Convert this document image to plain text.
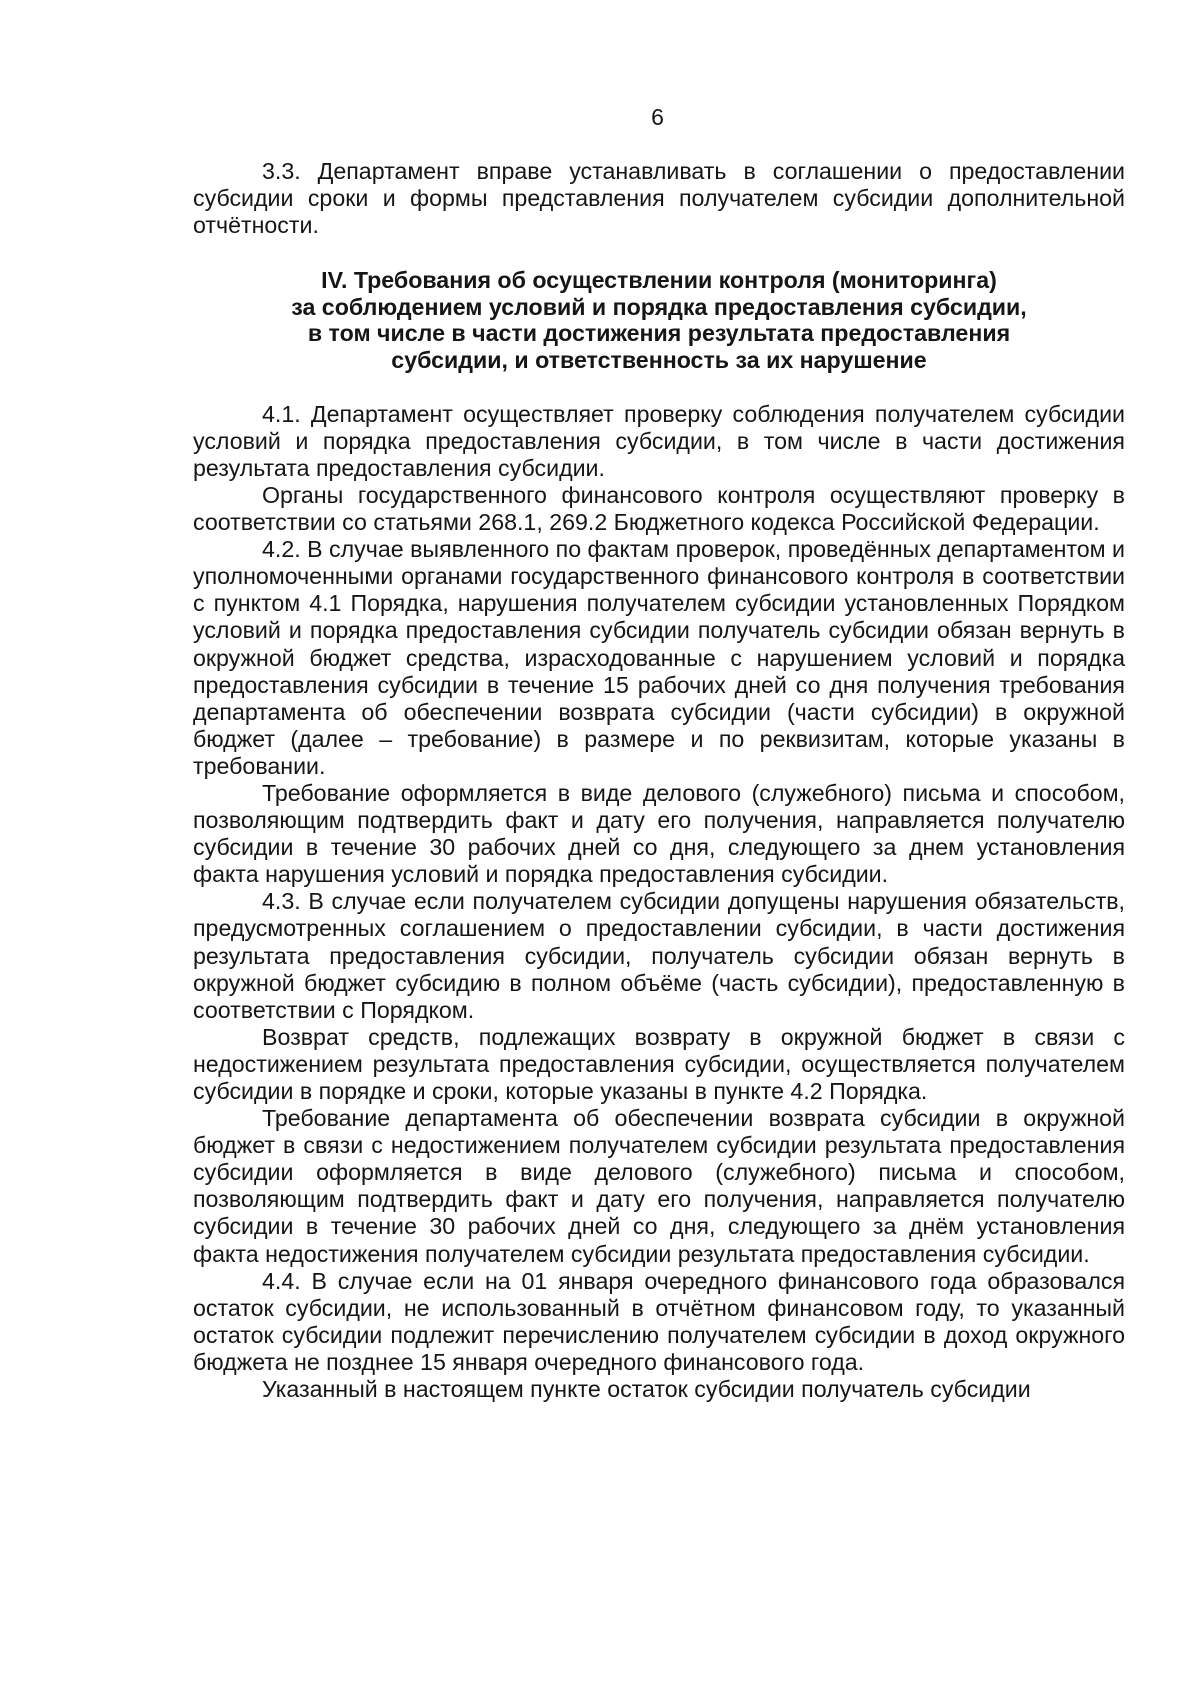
6

3.3. Департамент вправе устанавливать в соглашении о предоставлении субсидии сроки и формы представления получателем субсидии дополнительной отчётности.

IV. Требования об осуществлении контроля (мониторинга)
за соблюдением условий и порядка предоставления субсидии,
в том числе в части достижения результата предоставления
субсидии, и ответственность за их нарушение

4.1. Департамент осуществляет проверку соблюдения получателем субсидии условий и порядка предоставления субсидии, в том числе в части достижения результата предоставления субсидии.

Органы государственного финансового контроля осуществляют проверку в соответствии со статьями 268.1, 269.2 Бюджетного кодекса Российской Федерации.

4.2. В случае выявленного по фактам проверок, проведённых департаментом и уполномоченными органами государственного финансового контроля в соответствии с пунктом 4.1 Порядка, нарушения получателем субсидии установленных Порядком условий и порядка предоставления субсидии получатель субсидии обязан вернуть в окружной бюджет средства, израсходованные с нарушением условий и порядка предоставления субсидии в течение 15 рабочих дней со дня получения требования департамента об обеспечении возврата субсидии (части субсидии) в окружной бюджет (далее – требование) в размере и по реквизитам, которые указаны в требовании.

Требование оформляется в виде делового (служебного) письма и способом, позволяющим подтвердить факт и дату его получения, направляется получателю субсидии в течение 30 рабочих дней со дня, следующего за днем установления факта нарушения условий и порядка предоставления субсидии.

4.3. В случае если получателем субсидии допущены нарушения обязательств, предусмотренных соглашением о предоставлении субсидии, в части достижения результата предоставления субсидии, получатель субсидии обязан вернуть в окружной бюджет субсидию в полном объёме (часть субсидии), предоставленную в соответствии с Порядком.

Возврат средств, подлежащих возврату в окружной бюджет в связи с недостижением результата предоставления субсидии, осуществляется получателем субсидии в порядке и сроки, которые указаны в пункте 4.2 Порядка.

Требование департамента об обеспечении возврата субсидии в окружной бюджет в связи с недостижением получателем субсидии результата предоставления субсидии оформляется в виде делового (служебного) письма и способом, позволяющим подтвердить факт и дату его получения, направляется получателю субсидии в течение 30 рабочих дней со дня, следующего за днём установления факта недостижения получателем субсидии результата предоставления субсидии.

4.4. В случае если на 01 января очередного финансового года образовался остаток субсидии, не использованный в отчётном финансовом году, то указанный остаток субсидии подлежит перечислению получателем субсидии в доход окружного бюджета не позднее 15 января очередного финансового года.

Указанный в настоящем пункте остаток субсидии получатель субсидии
